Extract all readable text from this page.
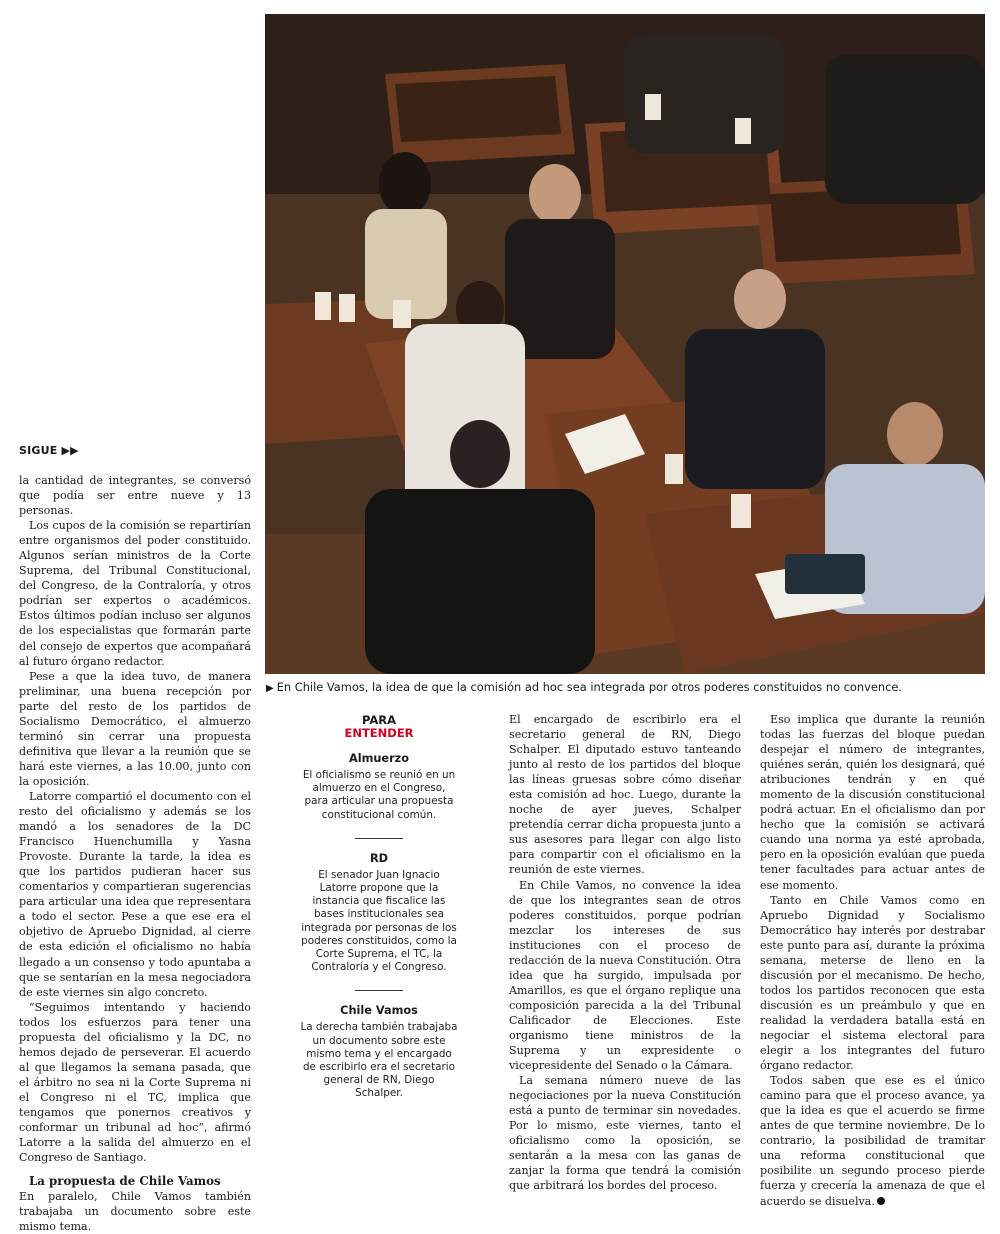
▶ En Chile Vamos, la idea de que la comisión ad hoc sea integrada por otros poderes constituidos no convence.
SIGUE ▶▶

la cantidad de integrantes, se conversó que podía ser entre nueve y 13 personas.

Los cupos de la comisión se repartirían entre organismos del poder constituido. Algunos serían ministros de la Corte Suprema, del Tribunal Constitucional, del Congreso, de la Contraloría, y otros podrían ser expertos o académicos. Estos últimos podían incluso ser algunos de los especialistas que formarán parte del consejo de expertos que acompañará al futuro órgano redactor.

Pese a que la idea tuvo, de manera preliminar, una buena recepción por parte del resto de los partidos de Socialismo Democrático, el almuerzo terminó sin cerrar una propuesta definitiva que llevar a la reunión que se hará este viernes, a las 10.00, junto con la oposición.

Latorre compartió el documento con el resto del oficialismo y además se los mandó a los senadores de la DC Francisco Huenchumilla y Yasna Provoste. Durante la tarde, la idea es que los partidos pudieran hacer sus comentarios y compartieran sugerencias para articular una idea que representara a todo el sector. Pese a que ese era el objetivo de Apruebo Dignidad, al cierre de esta edición el oficialismo no había llegado a un consenso y todo apuntaba a que se sentarían en la mesa negociadora de este viernes sin algo concreto.

“Seguimos intentando y haciendo todos los esfuerzos para tener una propuesta del oficialismo y la DC, no hemos dejado de perseverar. El acuerdo al que llegamos la semana pasada, que el árbitro no sea ni la Corte Suprema ni el Congreso ni el TC, implica que tengamos que ponernos creativos y conformar un tribunal ad hoc”, afirmó Latorre a la salida del almuerzo en el Congreso de Santiago.

La propuesta de Chile Vamos

En paralelo, Chile Vamos también trabajaba un documento sobre este mismo tema.

PARA
ENTENDER
Almuerzo
El oficialismo se reunió en un almuerzo en el Congreso, para articular una propuesta constitucional común.
RD
El senador Juan Ignacio Latorre propone que la instancia que fiscalice las bases institucionales sea integrada por personas de los poderes constituidos, como la Corte Suprema, el TC, la Contraloría y el Congreso.
Chile Vamos
La derecha también trabajaba un documento sobre este mismo tema y el encargado de escribirlo era el secretario general de RN, Diego Schalper.

El encargado de escribirlo era el secretario general de RN, Diego Schalper. El diputado estuvo tanteando junto al resto de los partidos del bloque las líneas gruesas sobre cómo diseñar esta comisión ad hoc. Luego, durante la noche de ayer jueves, Schalper pretendía cerrar dicha propuesta junto a sus asesores para llegar con algo listo para compartir con el oficialismo en la reunión de este viernes.

En Chile Vamos, no convence la idea de que los integrantes sean de otros poderes constituidos, porque podrían mezclar los intereses de sus instituciones con el proceso de redacción de la nueva Constitución. Otra idea que ha surgido, impulsada por Amarillos, es que el órgano replique una composición parecida a la del Tribunal Calificador de Elecciones. Este organismo tiene ministros de la Suprema y un expresidente o vicepresidente del Senado o la Cámara.

La semana número nueve de las negociaciones por la nueva Constitución está a punto de terminar sin novedades. Por lo mismo, este viernes, tanto el oficialismo como la oposición, se sentarán a la mesa con las ganas de zanjar la forma que tendrá la comisión que arbitrará los bordes del proceso.

Eso implica que durante la reunión todas las fuerzas del bloque puedan despejar el número de integrantes, quiénes serán, quién los designará, qué atribuciones tendrán y en qué momento de la discusión constitucional podrá actuar. En el oficialismo dan por hecho que la comisión se activará cuando una norma ya esté aprobada, pero en la oposición evalúan que pueda tener facultades para actuar antes de ese momento.

Tanto en Chile Vamos como en Apruebo Dignidad y Socialismo Democrático hay interés por destrabar este punto para así, durante la próxima semana, meterse de lleno en la discusión por el mecanismo. De hecho, todos los partidos reconocen que esta discusión es un preámbulo y que en realidad la verdadera batalla está en negociar el sistema electoral para elegir a los integrantes del futuro órgano redactor.

Todos saben que ese es el único camino para que el proceso avance, ya que la idea es que el acuerdo se firme antes de que termine noviembre. De lo contrario, la posibilidad de tramitar una reforma constitucional que posibilite un segundo proceso pierde fuerza y crecería la amenaza de que el acuerdo se disuelva.
